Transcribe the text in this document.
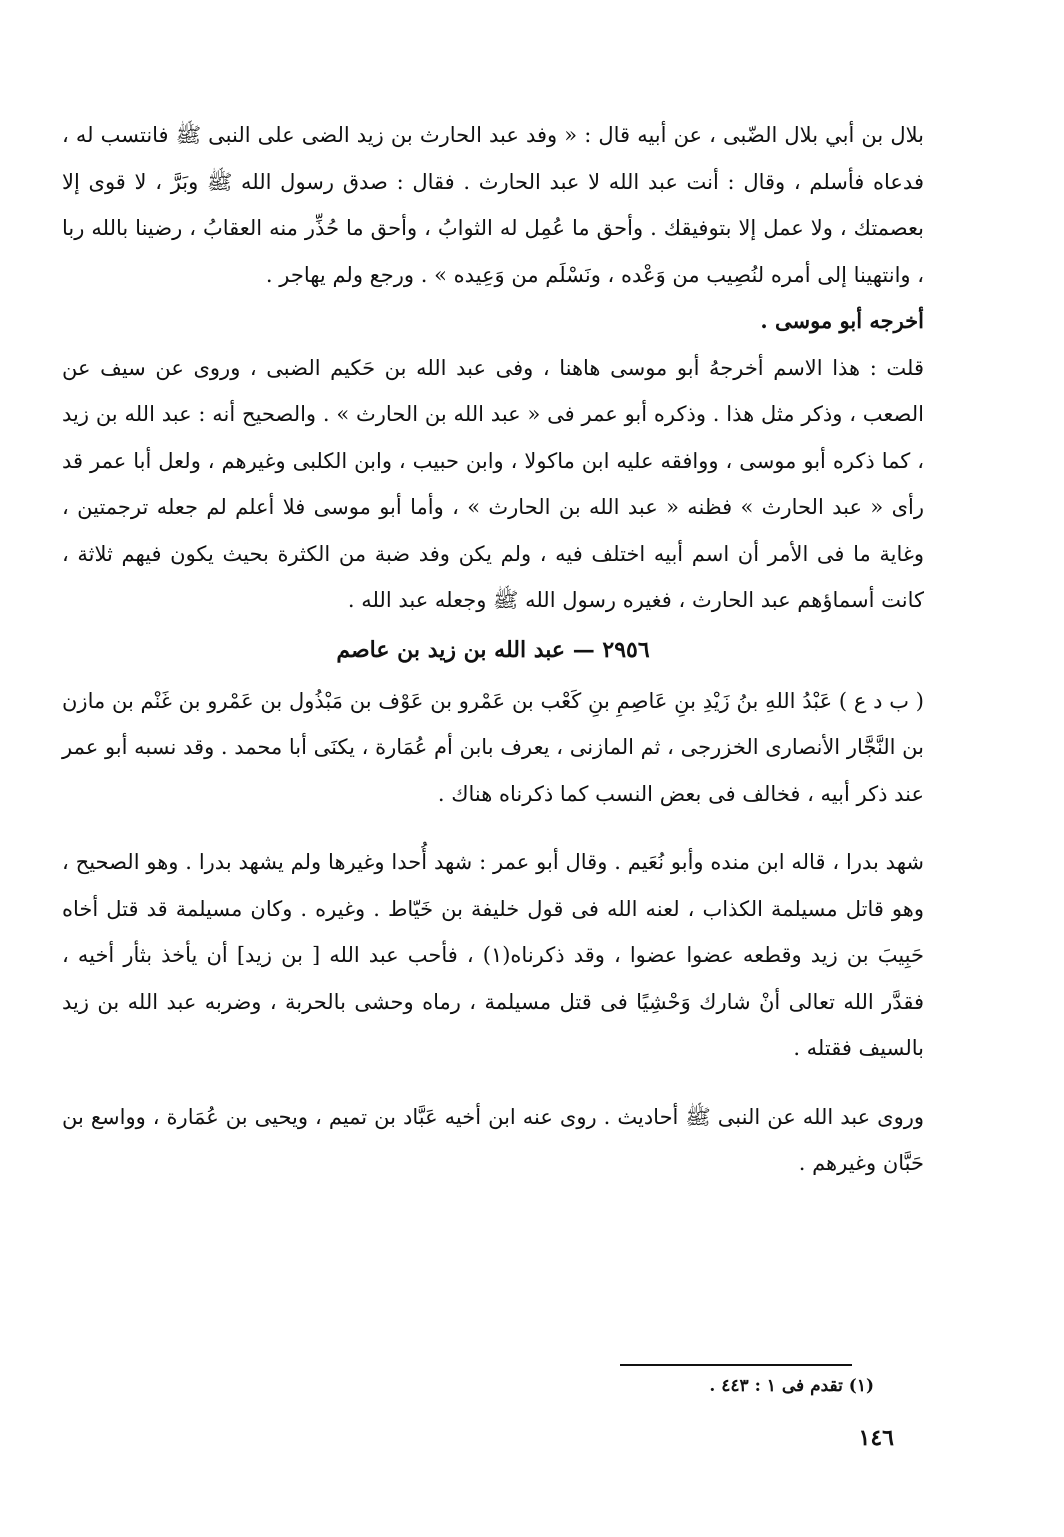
بلال بن أبي بلال الضّبى ، عن أبيه قال : « وفد عبد الحارث بن زيد الضى على النبى ﷺ فانتسب له ، فدعاه فأسلم ، وقال : أنت عبد الله لا عبد الحارث . فقال : صدق رسول الله ﷺ وبَرَّ ، لا قوى إلا بعصمتك ، ولا عمل إلا بتوفيقك . وأحق ما عُمِل له الثوابُ ، وأحق ما حُذِّر منه العقابُ ، رضينا بالله ربا ، وانتهينا إلى أمره لنُصِيب من وَعْده ، ونَسْلَم من وَعِيده » . ورجع ولم يهاجر .

أخرجه أبو موسى .

قلت : هذا الاسم أخرجهُ أبو موسى هاهنا ، وفى عبد الله بن حَكيم الضبى ، وروى عن سيف عن الصعب ، وذكر مثل هذا . وذكره أبو عمر فى « عبد الله بن الحارث » . والصحيح أنه : عبد الله بن زيد ، كما ذكره أبو موسى ، ووافقه عليه ابن ماكولا ، وابن حبيب ، وابن الكلبى وغيرهم ، ولعل أبا عمر قد رأى « عبد الحارث » فظنه « عبد الله بن الحارث » ، وأما أبو موسى فلا أعلم لم جعله ترجمتين ، وغاية ما فى الأمر أن اسم أبيه اختلف فيه ، ولم يكن وفد ضبة من الكثرة بحيث يكون فيهم ثلاثة ، كانت أسماؤهم عبد الحارث ، فغيره رسول الله ﷺ وجعله عبد الله .

٢٩٥٦ — عبد الله بن زيد بن عاصم

( ب د ع ) عَبْدُ اللهِ بنُ زَيْدِ بنِ عَاصِمِ بنِ كَعْب بن عَمْرو بن عَوْف بن مَبْذُول بن عَمْرو بن غَنْم بن مازن بن النَّجَّار الأنصارى الخزرجى ، ثم المازنى ، يعرف بابن أم عُمَارة ، يكنَى أبا محمد . وقد نسبه أبو عمر عند ذكر أبيه ، فخالف فى بعض النسب كما ذكرناه هناك .

شهد بدرا ، قاله ابن منده وأبو نُعَيم . وقال أبو عمر : شهد أُحدا وغيرها ولم يشهد بدرا . وهو الصحيح ، وهو قاتل مسيلمة الكذاب ، لعنه الله فى قول خليفة بن خَيّاط . وغيره . وكان مسيلمة قد قتل أخاه حَبِيبَ بن زيد وقطعه عضوا عضوا ، وقد ذكرناه(١) ، فأحب عبد الله [ بن زيد] أن يأخذ بثأر أخيه ، فقدَّر الله تعالى أنْ شارك وَحْشِيًا فى قتل مسيلمة ، رماه وحشى بالحربة ، وضربه عبد الله بن زيد بالسيف فقتله .

وروى عبد الله عن النبى ﷺ أحاديث . روى عنه ابن أخيه عَبَّاد بن تميم ، ويحيى بن عُمَارة ، وواسع بن حَبَّان وغيرهم .

(١) تقدم فى ١ : ٤٤٣ .
١٤٦
